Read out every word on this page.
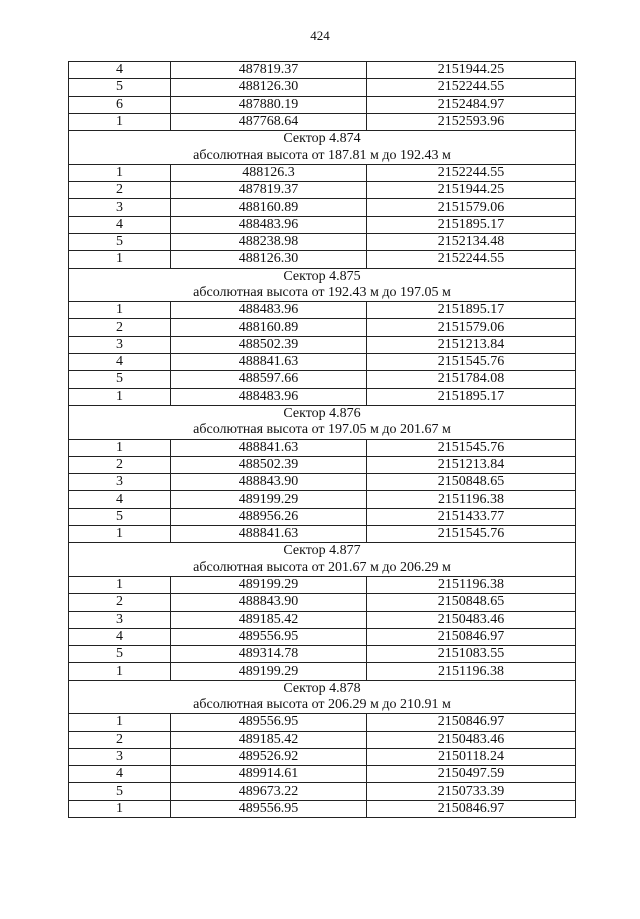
424
4	487819.37	2151944.25
5	488126.30	2152244.55
6	487880.19	2152484.97
1	487768.64	2152593.96
Сектор 4.874		
абсолютная высота от 187.81 м до 192.43 м		
1	488126.3	2152244.55
2	487819.37	2151944.25
3	488160.89	2151579.06
4	488483.96	2151895.17
5	488238.98	2152134.48
1	488126.30	2152244.55
Сектор 4.875		
абсолютная высота от 192.43 м до 197.05 м		
1	488483.96	2151895.17
2	488160.89	2151579.06
3	488502.39	2151213.84
4	488841.63	2151545.76
5	488597.66	2151784.08
1	488483.96	2151895.17
Сектор 4.876		
абсолютная высота от 197.05 м до 201.67 м		
1	488841.63	2151545.76
2	488502.39	2151213.84
3	488843.90	2150848.65
4	489199.29	2151196.38
5	488956.26	2151433.77
1	488841.63	2151545.76
Сектор 4.877		
абсолютная высота от 201.67 м до 206.29 м		
1	489199.29	2151196.38
2	488843.90	2150848.65
3	489185.42	2150483.46
4	489556.95	2150846.97
5	489314.78	2151083.55
1	489199.29	2151196.38
Сектор 4.878		
абсолютная высота от 206.29 м до 210.91 м		
1	489556.95	2150846.97
2	489185.42	2150483.46
3	489526.92	2150118.24
4	489914.61	2150497.59
5	489673.22	2150733.39
1	489556.95	2150846.97
